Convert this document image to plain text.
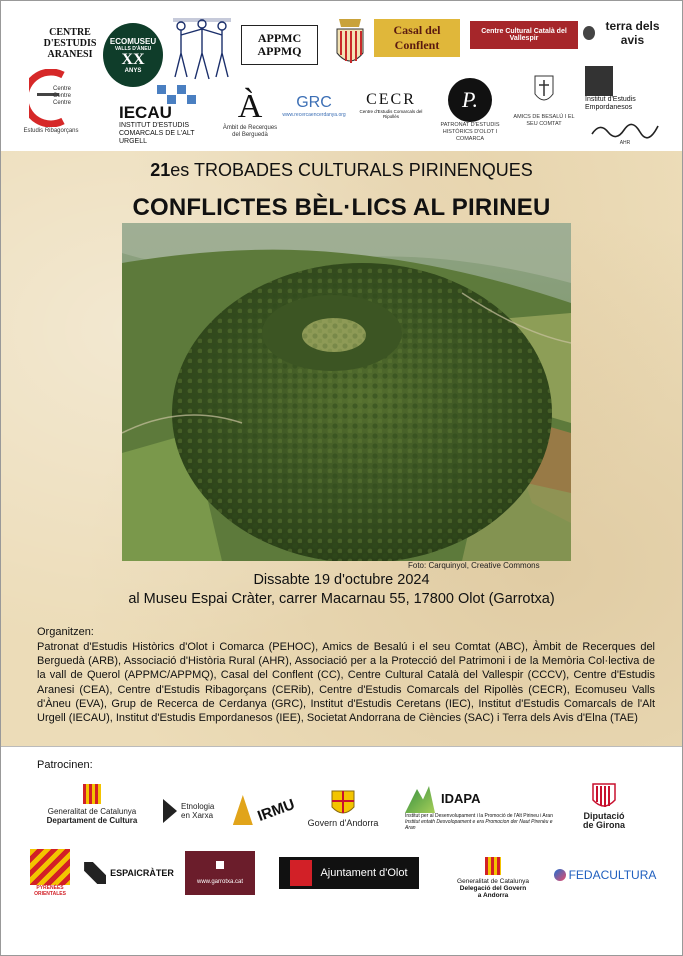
CENTRE D'ESTUDIS ARANESI
ECOMUSEU
VALLS D'ÀNEU
XX
ANYS
APPMC
APPMQ
Casal del Conflent
Centre Cultural Català del Vallespir
terra dels avis
Centre Centre Centre
Estudis Ribagorçans
IECAU
INSTITUT D'ESTUDIS COMARCALS DE L'ALT URGELL
À
Àmbit de Recerques del Berguedà
GRC
www.recercaencerdanya.org
CECR
Centre d'Estudis Comarcals del Ripollès
P.
PATRONAT D'ESTUDIS HISTÒRICS D'OLOT I COMARCA
AMICS DE BESALÚ I EL SEU COMTAT
Institut d'Estudis Empordanesos
AHR
21es TROBADES CULTURALS PIRINENQUES
CONFLICTES BÈL·LICS AL PIRINEU
Foto: Carquinyol, Creative Commons
Dissabte 19 d'octubre 2024
al Museu Espai Cràter, carrer Macarnau 55, 17800 Olot (Garrotxa)
Organitzen:
Patronat d'Estudis Històrics d'Olot i Comarca (PEHOC), Amics de Besalú i el seu Comtat (ABC), Àmbit de Recerques del Berguedà (ARB), Associació d'Història Rural (AHR), Associació per a la Protecció del Patrimoni i de la Memòria Col·lectiva de la vall de Querol (APPMC/APPMQ), Casal del Conflent (CC), Centre Cultural Català del Vallespir (CCCV), Centre d'Estudis Aranesi (CEA), Centre d'Estudis Ribagorçans (CERib), Centre d'Estudis Comarcals del Ripollès (CECR), Ecomuseu Valls d'Àneu (EVA), Grup de Recerca de Cerdanya (GRC), Institut d'Estudis Ceretans (IEC), Institut d'Estudis Comarcals de l'Alt Urgell (IECAU), Institut d'Estudis Empordanesos (IEE), Societat Andorrana de Ciències (SAC) i Terra dels Avis d'Elna (TAE)
Patrocinen:
Generalitat de Catalunya
Departament de Cultura
Etnologia en Xarxa	IRMU Govern d'Andorra
IDAPA
Institut per al Desenvolupament i la Promoció de l'Alt Pirineu i Aran
Institut entath Desvolopament e era Promocion der Naut Pirenèu e Aran
Diputació
de Girona
PYRÉNÉES ORIENTALES
ESPAICRÀTER
www.garrotxa.cat
Ajuntament d'Olot
Generalitat de Catalunya
Delegació del Govern
a Andorra
FEDACULTURA
